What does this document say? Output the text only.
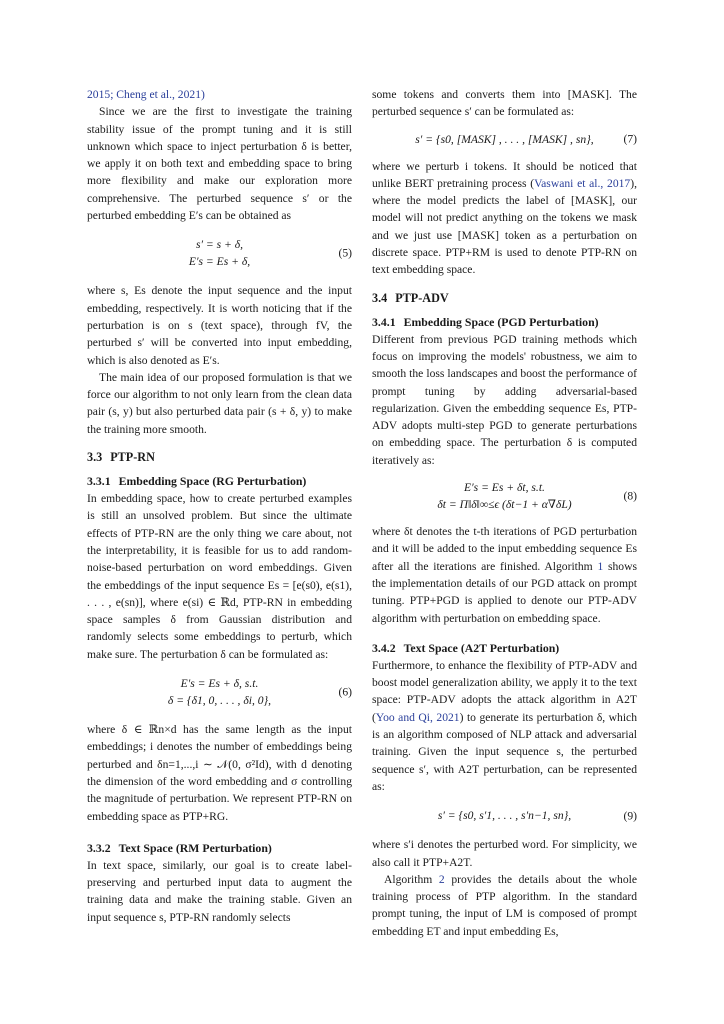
2015; Cheng et al., 2021)

Since we are the first to investigate the training stability issue of the prompt tuning and it is still unknown which space to inject perturbation δ is better, we apply it on both text and embedding space to bring more flexibility and make our exploration more comprehensive. The perturbed sequence s′ or the perturbed embedding E′s can be obtained as

s′ = s + δ,
E′s = Es + δ,
(5)

where s, Es denote the input sequence and the input embedding, respectively. It is worth noticing that if the perturbation is on s (text space), through fV, the perturbed s′ will be converted into input embedding, which is also denoted as E′s.

The main idea of our proposed formulation is that we force our algorithm to not only learn from the clean data pair (s, y) but also perturbed data pair (s + δ, y) to make the training more smooth.

3.3 PTP-RN
3.3.1 Embedding Space (RG Perturbation)

In embedding space, how to create perturbed examples is still an unsolved problem. But since the ultimate effects of PTP-RN are the only thing we care about, not the interpretability, it is feasible for us to add random-noise-based perturbation on word embeddings. Given the embeddings of the input sequence Es = [e(s0), e(s1), . . . , e(sn)], where e(si) ∈ ℝd, PTP-RN in embedding space samples δ from Gaussian distribution and randomly selects some embeddings to perturb, which make sure. The perturbation δ can be formulated as:

E′s = Es + δ, s.t.
δ = {δ1, 0, . . . , δi, 0},
(6)

where δ ∈ ℝn×d has the same length as the input embeddings; i denotes the number of embeddings being perturbed and δn=1,...,i ∼ 𝒩(0, σ²Id), with d denoting the dimension of the word embedding and σ controlling the magnitude of perturbation. We represent PTP-RN on embedding space as PTP+RG.

3.3.2 Text Space (RM Perturbation)

In text space, similarly, our goal is to create label-preserving and perturbed input data to augment the training data and make the training stable. Given an input sequence s, PTP-RN randomly selects

some tokens and converts them into [MASK]. The perturbed sequence s′ can be formulated as:

s′ = {s0, [MASK] , . . . , [MASK] , sn},	(7)

where we perturb i tokens. It should be noticed that unlike BERT pretraining process (Vaswani et al., 2017), where the model predicts the label of [MASK], our model will not predict anything on the tokens we mask and we just use [MASK] token as a perturbation on discrete space. PTP+RM is used to denote PTP-RN on text embedding space.

3.4 PTP-ADV
3.4.1 Embedding Space (PGD Perturbation)

Different from previous PGD training methods which focus on improving the models' robustness, we aim to smooth the loss landscapes and boost the performance of prompt tuning by adding adversarial-based regularization. Given the embedding sequence Es, PTP-ADV adopts multi-step PGD to generate perturbations on embedding space. The perturbation δ is computed iteratively as:

E′s = Es + δt, s.t.
δt = Π‖δ‖∞≤ϵ (δt−1 + α∇δL)
(8)

where δt denotes the t-th iterations of PGD perturbation and it will be added to the input embedding sequence Es after all the iterations are finished. Algorithm 1 shows the implementation details of our PGD attack on prompt tuning. PTP+PGD is applied to denote our PTP-ADV algorithm with perturbation on embedding space.

3.4.2 Text Space (A2T Perturbation)

Furthermore, to enhance the flexibility of PTP-ADV and boost model generalization ability, we apply it to the text space: PTP-ADV adopts the attack algorithm in A2T (Yoo and Qi, 2021) to generate its perturbation δ, which is an algorithm composed of NLP attack and adversarial training. Given the input sequence s, the perturbed sequence s′, with A2T perturbation, can be represented as:

s′ = {s0, s′1, . . . , s′n−1, sn},	(9)

where s′i denotes the perturbed word. For simplicity, we also call it PTP+A2T.

Algorithm 2 provides the details about the whole training process of PTP algorithm. In the standard prompt tuning, the input of LM is composed of prompt embedding ET and input embedding Es,
